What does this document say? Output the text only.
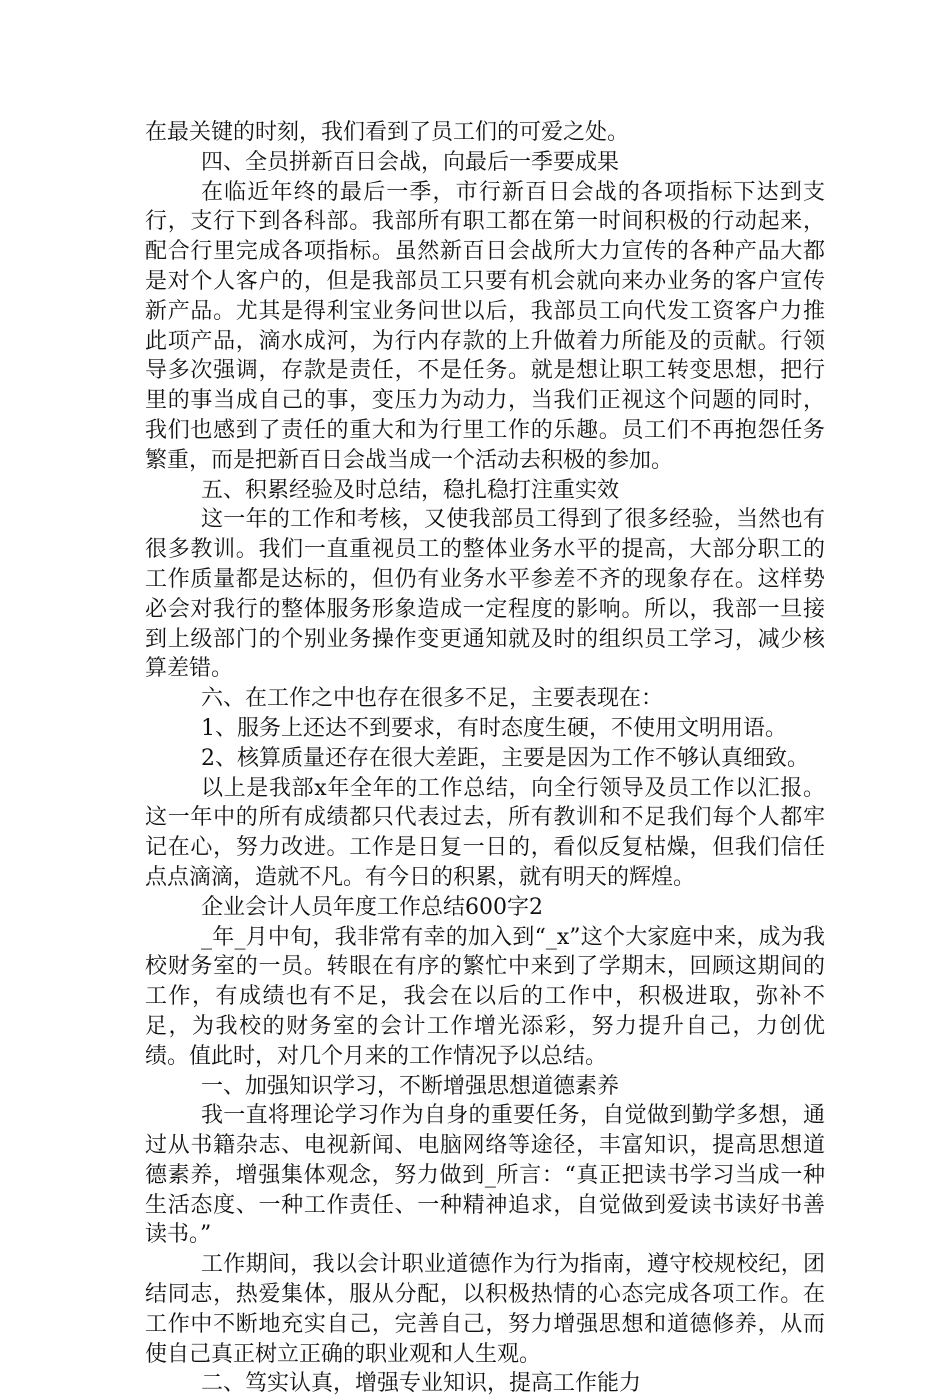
在最关键的时刻，我们看到了员工们的可爱之处。

四、全员拼新百日会战，向最后一季要成果

在临近年终的最后一季，市行新百日会战的各项指标下达到支行，支行下到各科部。我部所有职工都在第一时间积极的行动起来，配合行里完成各项指标。虽然新百日会战所大力宣传的各种产品大都是对个人客户的，但是我部员工只要有机会就向来办业务的客户宣传新产品。尤其是得利宝业务问世以后，我部员工向代发工资客户力推此项产品，滴水成河，为行内存款的上升做着力所能及的贡献。行领导多次强调，存款是责任，不是任务。就是想让职工转变思想，把行里的事当成自己的事，变压力为动力，当我们正视这个问题的同时，我们也感到了责任的重大和为行里工作的乐趣。员工们不再抱怨任务繁重，而是把新百日会战当成一个活动去积极的参加。

五、积累经验及时总结，稳扎稳打注重实效

这一年的工作和考核，又使我部员工得到了很多经验，当然也有很多教训。我们一直重视员工的整体业务水平的提高，大部分职工的工作质量都是达标的，但仍有业务水平参差不齐的现象存在。这样势必会对我行的整体服务形象造成一定程度的影响。所以，我部一旦接到上级部门的个别业务操作变更通知就及时的组织员工学习，减少核算差错。

六、在工作之中也存在很多不足，主要表现在：

1、服务上还达不到要求，有时态度生硬，不使用文明用语。

2、核算质量还存在很大差距，主要是因为工作不够认真细致。

以上是我部x年全年的工作总结，向全行领导及员工作以汇报。这一年中的所有成绩都只代表过去，所有教训和不足我们每个人都牢记在心，努力改进。工作是日复一日的，看似反复枯燥，但我们信任点点滴滴，造就不凡。有今日的积累，就有明天的辉煌。

企业会计人员年度工作总结600字2

_年_月中旬，我非常有幸的加入到“_x”这个大家庭中来，成为我校财务室的一员。转眼在有序的繁忙中来到了学期末，回顾这期间的工作，有成绩也有不足，我会在以后的工作中，积极进取，弥补不足，为我校的财务室的会计工作增光添彩，努力提升自己，力创优绩。值此时，对几个月来的工作情况予以总结。

一、加强知识学习，不断增强思想道德素养

我一直将理论学习作为自身的重要任务，自觉做到勤学多想，通过从书籍杂志、电视新闻、电脑网络等途径，丰富知识，提高思想道德素养，增强集体观念，努力做到_所言：“真正把读书学习当成一种生活态度、一种工作责任、一种精神追求，自觉做到爱读书读好书善读书。”

工作期间，我以会计职业道德作为行为指南，遵守校规校纪，团结同志，热爱集体，服从分配，以积极热情的心态完成各项工作。在工作中不断地充实自己，完善自己，努力增强思想和道德修养，从而使自己真正树立正确的职业观和人生观。

二、笃实认真，增强专业知识，提高工作能力
